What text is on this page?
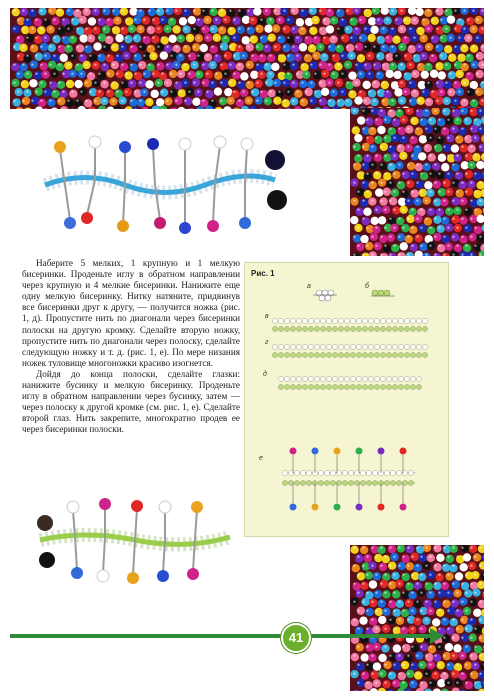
Наберите 5 мелких, 1 крупную и 1 мелкую бисеринки. Проденьте иглу в обратном направлении через крупную и 4 мелкие бисеринки. Нанижите еще одну мелкую бисеринку. Нитку натяните, придвинув все бисеринки друг к другу, — получится ножка (рис. 1, д). Пропустите нить по диагонали через бисеринки полоски на другую кромку. Сделайте вторую ножку, пропустите нить по диагонали через полоску, сделайте следующую ножку и т. д. (рис. 1, е). По мере низания ножек туловище многоножки красиво изогнется.

Дойдя до конца полоски, сделайте глазки: нанижите бусинку и мелкую бисеринку. Проденьте иглу в обратном направлении через бусинку, затем — через полоску к другой кромке (см. рис. 1, е). Сделайте второй глаз. Нить закрепите, многократно продев ее через бисеринки полоски.

Рис. 1
а	б
в
г
д
е
41
